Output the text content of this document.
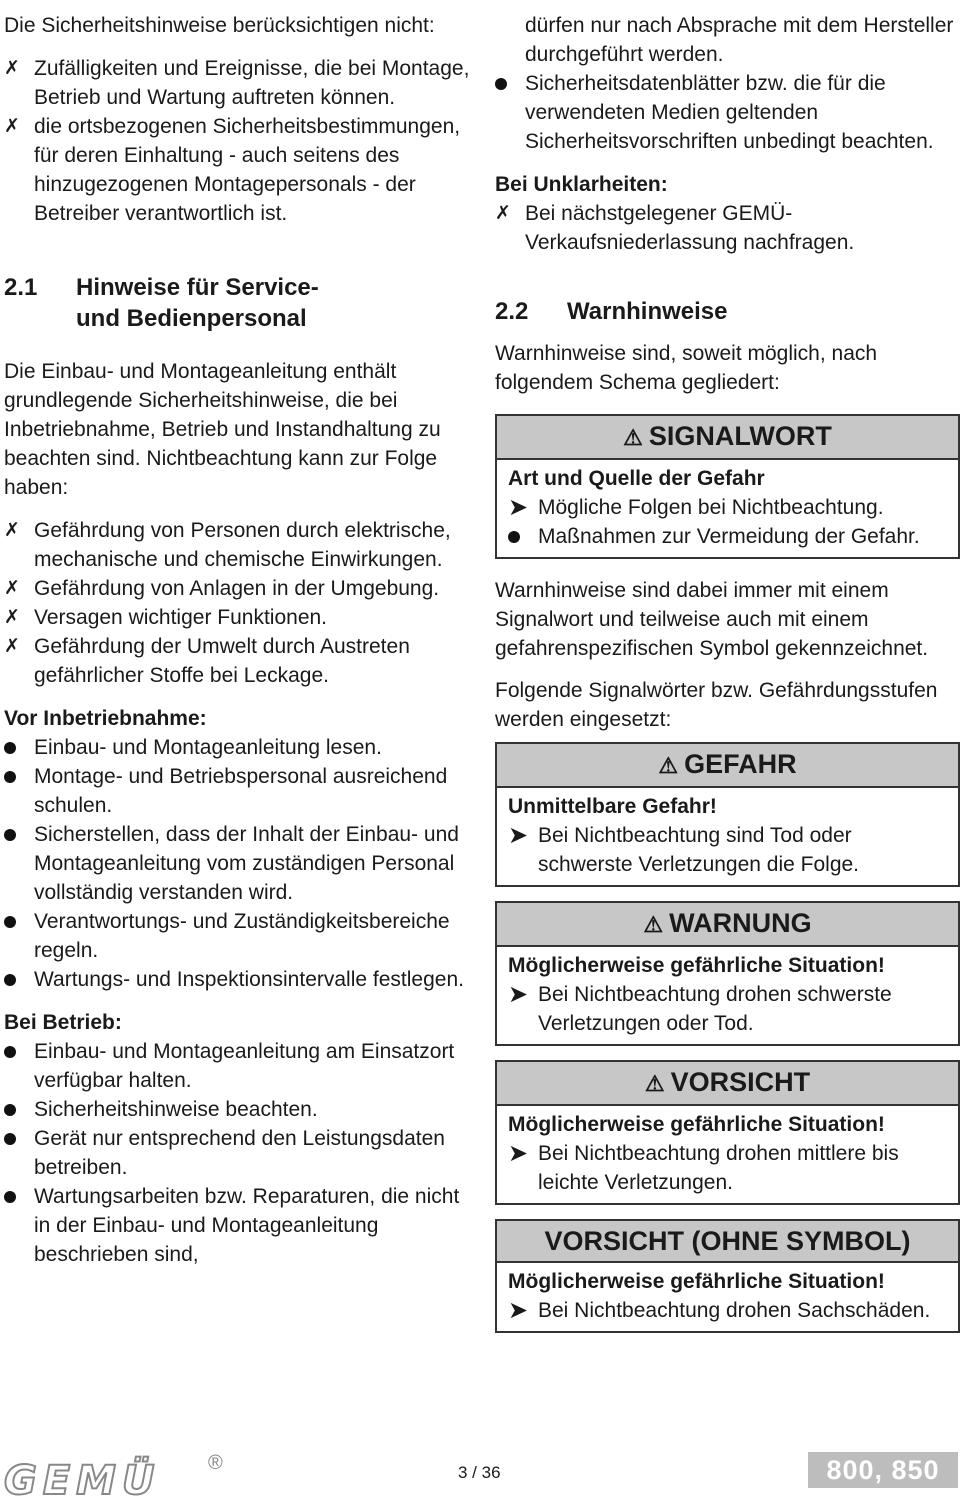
Die Sicherheitshinweise berücksichtigen nicht:

✗ Zufälligkeiten und Ereignisse, die bei Montage, Betrieb und Wartung auftreten können.
✗ die ortsbezogenen Sicherheitsbestimmungen, für deren Einhaltung - auch seitens des hinzugezogenen Montagepersonals - der Betreiber verantwortlich ist.
2.1	Hinweise für Service-
und Bedienpersonal

Die Einbau- und Montageanleitung enthält grundlegende Sicherheitshinweise, die bei Inbetriebnahme, Betrieb und Instandhaltung zu beachten sind. Nichtbeachtung kann zur Folge haben:

✗ Gefährdung von Personen durch elektrische, mechanische und chemische Einwirkungen.
✗ Gefährdung von Anlagen in der Umgebung.
✗ Versagen wichtiger Funktionen.
✗ Gefährdung der Umwelt durch Austreten gefährlicher Stoffe bei Leckage.

Vor Inbetriebnahme:

Einbau- und Montageanleitung lesen.
Montage- und Betriebspersonal ausreichend schulen.
Sicherstellen, dass der Inhalt der Einbau- und Montageanleitung vom zuständigen Personal vollständig verstanden wird.
Verantwortungs- und Zuständigkeitsbereiche regeln.
Wartungs- und Inspektionsintervalle festlegen.

Bei Betrieb:

Einbau- und Montageanleitung am Einsatzort verfügbar halten.
Sicherheitshinweise beachten.
Gerät nur entsprechend den Leistungsdaten betreiben.
Wartungsarbeiten bzw. Reparaturen, die nicht in der Einbau- und Montageanleitung beschrieben sind,
dürfen nur nach Absprache mit dem Hersteller durchgeführt werden.
Sicherheitsdatenblätter bzw. die für die verwendeten Medien geltenden Sicherheitsvorschriften unbedingt beachten.

Bei Unklarheiten:

✗ Bei nächstgelegener GEMÜ-Verkaufsniederlassung nachfragen.
2.2	Warnhinweise

Warnhinweise sind, soweit möglich, nach folgendem Schema gegliedert:

⚠ SIGNALWORT

Art und Quelle der Gefahr

➤ Mögliche Folgen bei Nichtbeachtung.
Maßnahmen zur Vermeidung der Gefahr.

Warnhinweise sind dabei immer mit einem Signalwort und teilweise auch mit einem gefahrenspezifischen Symbol gekennzeichnet.

Folgende Signalwörter bzw. Gefährdungsstufen werden eingesetzt:

⚠ GEFAHR

Unmittelbare Gefahr!

➤ Bei Nichtbeachtung sind Tod oder schwerste Verletzungen die Folge.
⚠ WARNUNG

Möglicherweise gefährliche Situation!

➤ Bei Nichtbeachtung drohen schwerste Verletzungen oder Tod.
⚠ VORSICHT

Möglicherweise gefährliche Situation!

➤ Bei Nichtbeachtung drohen mittlere bis leichte Verletzungen.
VORSICHT (OHNE SYMBOL)

Möglicherweise gefährliche Situation!

➤ Bei Nichtbeachtung drohen Sachschäden.
GEMÜ ®	3 / 36	800, 850
